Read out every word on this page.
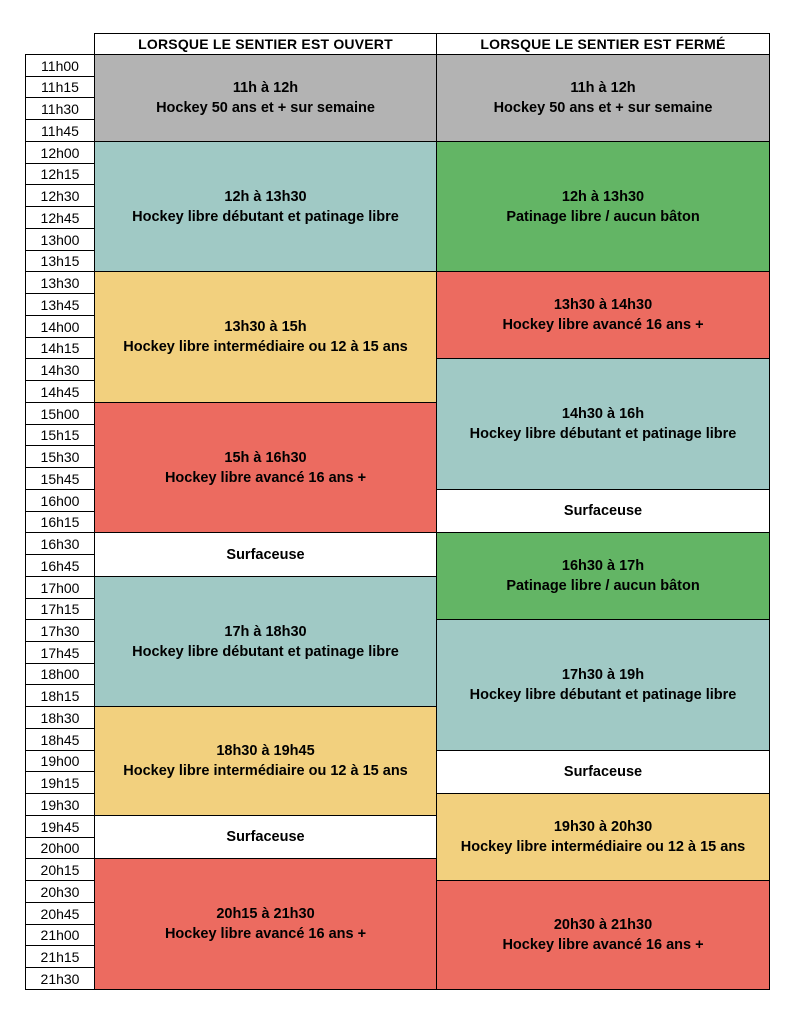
LORSQUE LE SENTIER EST OUVERT	LORSQUE LE SENTIER EST FERMÉ
11h00
11h15
11h30
11h45
12h00
12h15
12h30
12h45
13h00
13h15
13h30
13h45
14h00
14h15
14h30
14h45
15h00
15h15
15h30
15h45
16h00
16h15
16h30
16h45
17h00
17h15
17h30
17h45
18h00
18h15
18h30
18h45
19h00
19h15
19h30
19h45
20h00
20h15
20h30
20h45
21h00
21h15
21h30
11h à 12h
Hockey 50 ans et + sur semaine
12h à 13h30
Hockey libre débutant et patinage libre
13h30 à 15h
Hockey libre intermédiaire ou 12 à 15 ans
15h à 16h30
Hockey libre avancé 16 ans +
Surfaceuse
17h à 18h30
Hockey libre débutant et patinage libre
18h30 à 19h45
Hockey libre intermédiaire ou 12 à 15 ans
Surfaceuse
20h15 à 21h30
Hockey libre avancé 16 ans +
11h à 12h
Hockey 50 ans et + sur semaine
12h à 13h30
Patinage libre / aucun bâton
13h30 à 14h30
Hockey libre avancé 16 ans +
14h30 à 16h
Hockey libre débutant et patinage libre
Surfaceuse
16h30 à 17h
Patinage libre / aucun bâton
17h30 à 19h
Hockey libre débutant et patinage libre
Surfaceuse
19h30 à 20h30
Hockey libre intermédiaire ou 12 à 15 ans
20h30 à 21h30
Hockey libre avancé 16 ans +
